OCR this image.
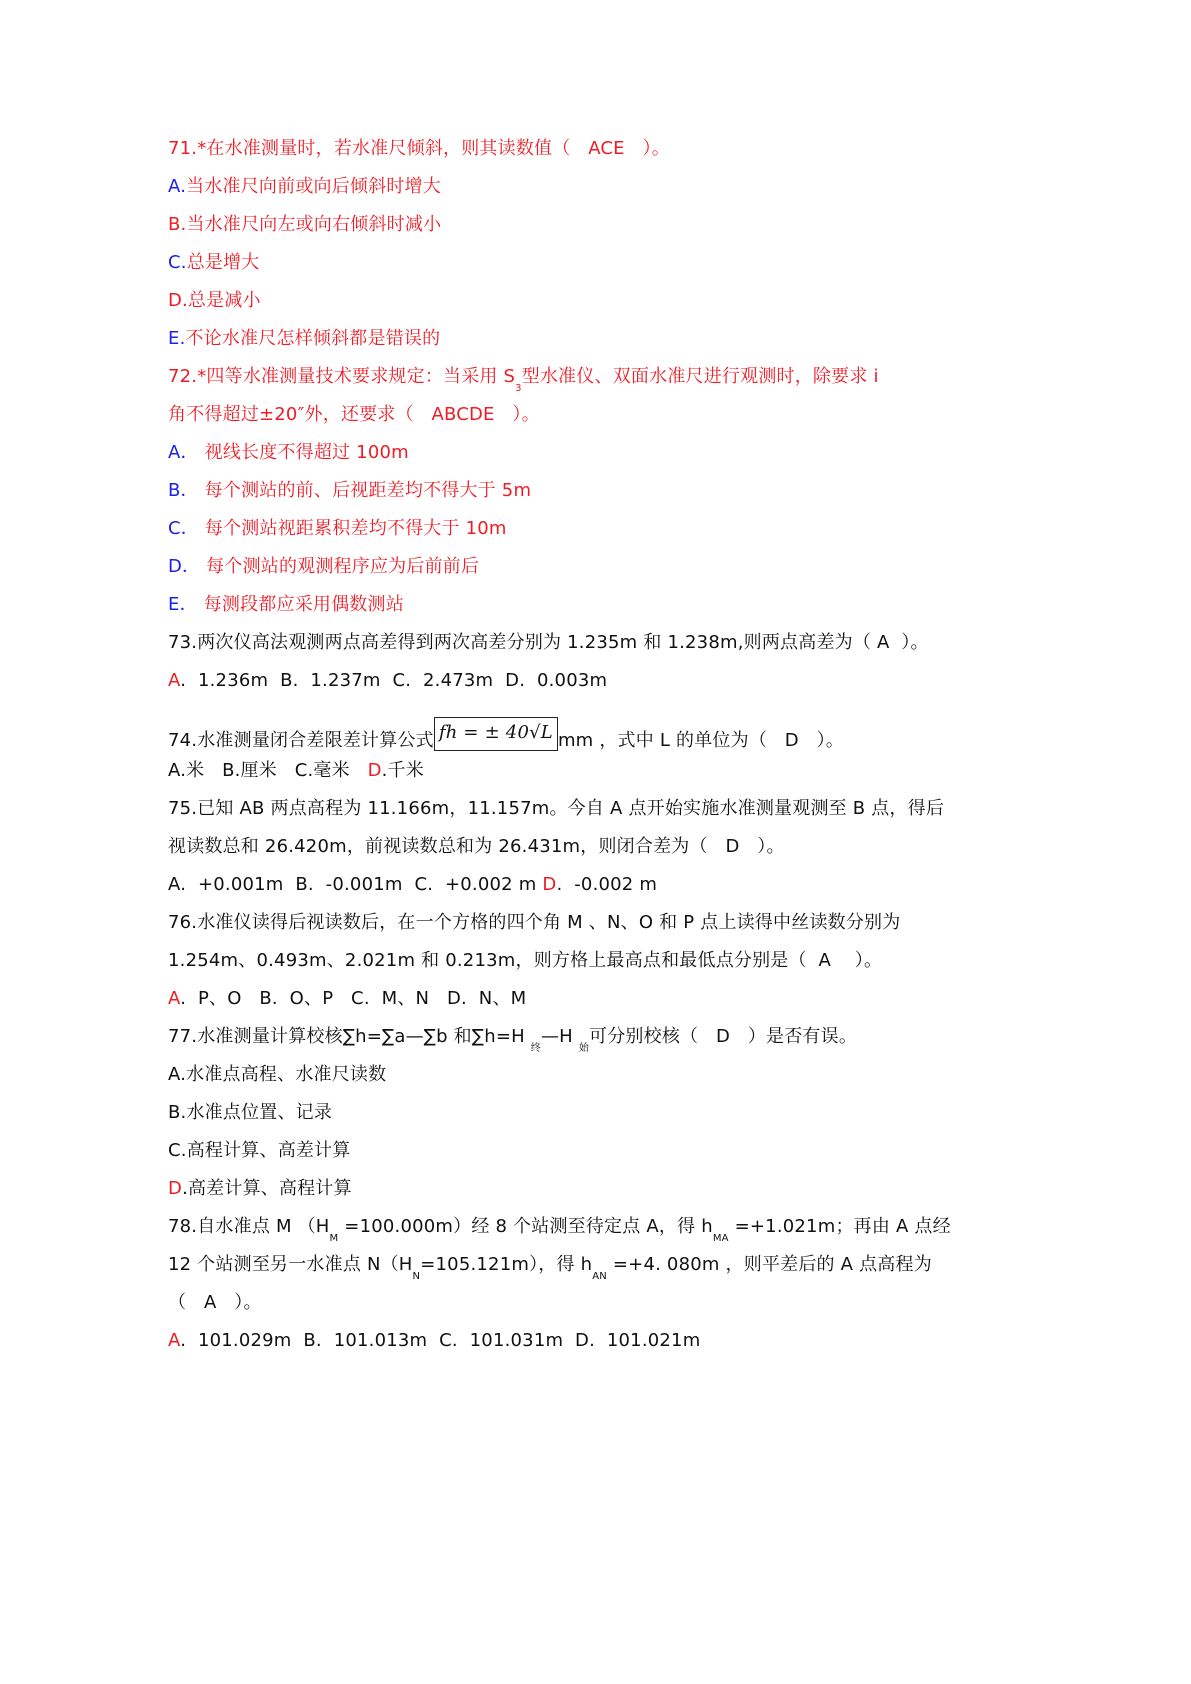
71.*在水准测量时，若水准尺倾斜，则其读数值（   ACE   ）。
A.当水准尺向前或向后倾斜时增大
B.当水准尺向左或向右倾斜时减小
C.总是增大
D.总是减小
E.不论水准尺怎样倾斜都是错误的
72.*四等水准测量技术要求规定：当采用 $S_3$型水准仪、双面水准尺进行观测时，除要求 i
角不得超过±20″外，还要求（   ABCDE   ）。
A． 视线长度不得超过 100m
B． 每个测站的前、后视距差均不得大于 5m
C． 每个测站视距累积差均不得大于 10m
D． 每个测站的观测程序应为后前前后
E． 每测段都应采用偶数测站
73.两次仪高法观测两点高差得到两次高差分别为 1.235m 和 1.238m,则两点高差为（ A  ）。
A.  1.236m  B.  1.237m  C.  2.473m  D.  0.003m
74.水准测量闭合差限差计算公式 fh = ± 40√L mm ，式中 L 的单位为（   D   ）。
A.米   B.厘米   C.毫米   D.千米
75.已知 AB 两点高程为 11.166m，11.157m。今自 A 点开始实施水准测量观测至 B 点，得后
视读数总和 26.420m，前视读数总和为 26.431m，则闭合差为（   D   ）。
A.  +0.001m  B.  -0.001m  C.  +0.002 m D.  -0.002 m
76.水准仪读得后视读数后，在一个方格的四个角 M 、N、O 和 P 点上读得中丝读数分别为
1.254m、0.493m、2.021m 和 0.213m，则方格上最高点和最低点分别是（  A    ）。
A.  P、O   B.  O、P   C.  M、N   D.  N、M
77.水准测量计算校核∑h=∑a—∑b 和∑h=H $_终$—H $_始$可分别校核（   D   ）是否有误。
A.水准点高程、水准尺读数
B.水准点位置、记录
C.高程计算、高差计算
D.高差计算、高程计算
78.自水准点 M $(H_M =100.000m)$经 8 个站测至待定点 A，得 $h_{MA} =+1.021m$；再由 A 点经
12 个站测至另一水准点 $N(H_N=105.121m)$，得 $h_{AN} =+4$. 080m ，则平差后的 A 点高程为
（   A   ）。
A.  101.029m  B.  101.013m  C.  101.031m  D.  101.021m
